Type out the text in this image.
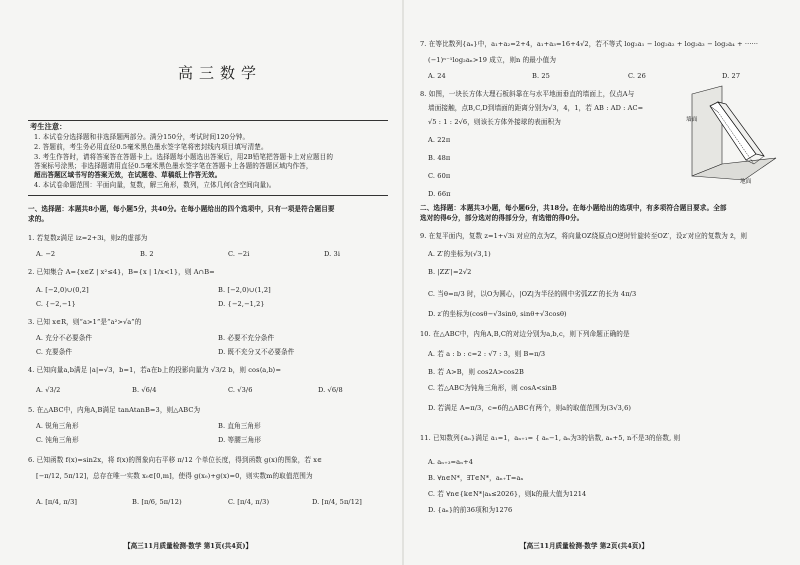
高三数学
考生注意：
1. 本试卷分选择题和非选择题两部分。满分150分，考试时间120分钟。
2. 答题前，考生务必用直径0.5毫米黑色墨水签字笔将密封线内项目填写清楚。
3. 考生作答时，请将答案答在答题卡上。选择题每小题选出答案后，用2B铅笔把答题卡上对应题目的
答案标号涂黑；非选择题请用直径0.5毫米黑色墨水签字笔在答题卡上各题的答题区域内作答，
超出答题区域书写的答案无效，在试题卷、草稿纸上作答无效。
4. 本试卷命题范围：平面向量，复数，解三角形，数列，立体几何(含空间向量)。
一、选择题：本题共8小题，每小题5分，共40分。在每小题给出的四个选项中，只有一项是符合题目要
求的。
1. 若复数z满足 iz=2+3i，则z的虚部为
A. −2	B. 2	C. −2i	D. 3i
2. 已知集合 A={x∈Z | x²≤4}，B={x | 1/x<1}，则 A∩B=
A. [−2,0)∪(0,2]	B. [−2,0)∪(1,2]
C. {−2,−1}	D. {−2,−1,2}
3. 已知 x∈R，则“a>1”是“a²>√a”的
A. 充分不必要条件	B. 必要不充分条件
C. 充要条件	D. 既不充分又不必要条件
4. 已知向量a,b满足 |a|=√3，b=1，若a在b上的投影向量为 √3/2 b，则 cos⟨a,b⟩=
A. √3/2	B. √6/4	C. √3/6	D. √6/8
5. 在△ABC中，内角A,B满足 tanAtanB=3，则△ABC为
A. 锐角三角形	B. 直角三角形
C. 钝角三角形	D. 等腰三角形
6. 已知函数 f(x)=sin2x，将 f(x)的图象向右平移 π/12 个单位长度，得到函数 g(x)的图象，若 x∈
[−π/12, 5π/12]，总存在唯一实数 x₀∈[0,m]，使得 g(x₀)+g(x)=0，则实数m的取值范围为
A. [π/4, π/3]	B. [π/6, 5π/12)	C. [π/4, π/3)	D. [π/4, 5π/12]
【高三11月质量检测·数学 第1页(共4页)】
7. 在等比数列{aₙ}中，a₁+a₂=2+4，a₁+a₃=16+4√2，若不等式 log₂a₁ − log₂a₂ + log₂a₃ − log₂a₄ + ······
(−1)ⁿ⁻¹log₂aₙ>19 成立，则n 的最小值为
A. 24	B. 25	C. 26	D. 27
8. 如图，一块长方体大理石板斜靠在与水平地面垂直的墙面上，仅点A与
墙面接触，点B,C,D到墙面的距离分别为√3，4，1，若 AB : AD : AC=
√5 : 1 : 2√6，则该长方体外接球的表面积为
A. 22π
B. 48π
C. 60π
D. 66π
墙面
地面
二、选择题：本题共3小题，每小题6分，共18分。在每小题给出的选项中，有多项符合题目要求。全部
选对的得6分，部分选对的得部分分，有选错的得0分。
9. 在复平面内，复数 z=1+√3i 对应的点为Z，将向量OZ绕原点O逆时针旋转至OZ′，设z′对应的复数为 z̄，则
A. Z′的坐标为(√3,1)
B. |ZZ′|=2√2
C. 当θ=π/3 时，以O为圆心，|OZ|为半径的圆中劣弧ZZ′的长为 4π/3
D. z′的坐标为(cosθ−√3sinθ, sinθ+√3cosθ)
10. 在△ABC中，内角A,B,C的对边分别为a,b,c，则下列命题正确的是
A. 若 a : b : c=2 : √7 : 3，则 B=π/3
B. 若 A>B，则 cos2A>cos2B
C. 若△ABC为钝角三角形，则 cosA<sinB
D. 若满足 A=π/3，c=6的△ABC有两个，则a的取值范围为(3√3,6)
11. 已知数列{aₙ}满足 a₁=1，aₙ₊₁= { aₙ−1, aₙ为3的倍数, aₙ+5, n不是3的倍数, 则
A. aₙ₊₃=aₙ+4
B. ∀n∈N*，∃T∈N*，aₙ₊T=aₙ
C. 若 ∀n∈{k∈N*|aₖ≤2026}，则k的最大值为1214
D. {aₙ}的前36项和为1276
【高三11月质量检测·数学 第2页(共4页)】
